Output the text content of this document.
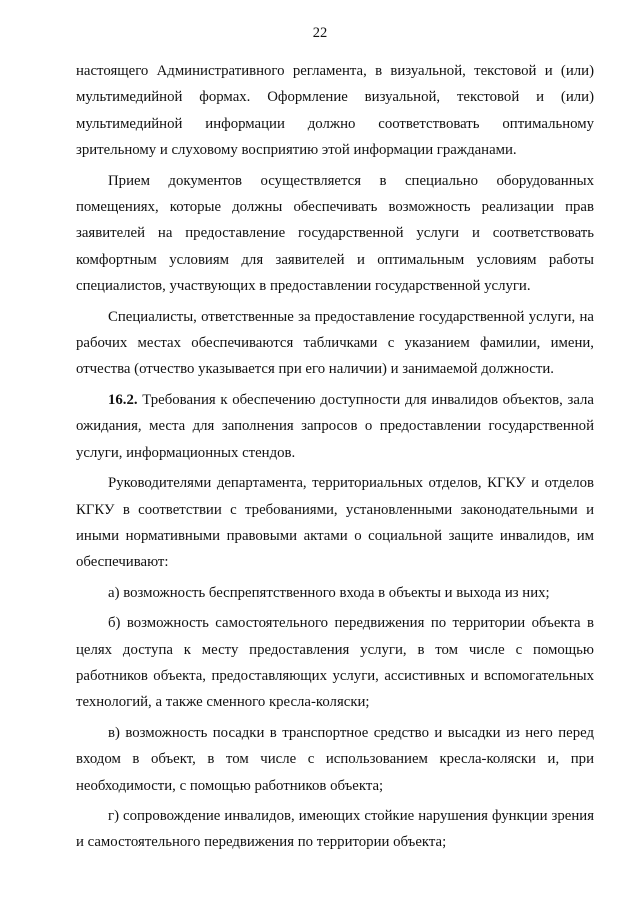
22

настоящего Административного регламента, в визуальной, текстовой и (или) мультимедийной формах. Оформление визуальной, текстовой и (или) мультимедийной информации должно соответствовать оптимальному зрительному и слуховому восприятию этой информации гражданами.

Прием документов осуществляется в специально оборудованных помещениях, которые должны обеспечивать возможность реализации прав заявителей на предоставление государственной услуги и соответствовать комфортным условиям для заявителей и оптимальным условиям работы специалистов, участвующих в предоставлении государственной услуги.

Специалисты, ответственные за предоставление государственной услуги, на рабочих местах обеспечиваются табличками с указанием фамилии, имени, отчества (отчество указывается при его наличии) и занимаемой должности.

16.2. Требования к обеспечению доступности для инвалидов объектов, зала ожидания, места для заполнения запросов о предоставлении государственной услуги, информационных стендов.

Руководителями департамента, территориальных отделов, КГКУ и отделов КГКУ в соответствии с требованиями, установленными законодательными и иными нормативными правовыми актами о социальной защите инвалидов, им обеспечивают:

а) возможность беспрепятственного входа в объекты и выхода из них;

б) возможность самостоятельного передвижения по территории объекта в целях доступа к месту предоставления услуги, в том числе с помощью работников объекта, предоставляющих услуги, ассистивных и вспомогательных технологий, а также сменного кресла-коляски;

в) возможность посадки в транспортное средство и высадки из него перед входом в объект, в том числе с использованием кресла-коляски и, при необходимости, с помощью работников объекта;

г) сопровождение инвалидов, имеющих стойкие нарушения функции зрения и самостоятельного передвижения по территории объекта;
